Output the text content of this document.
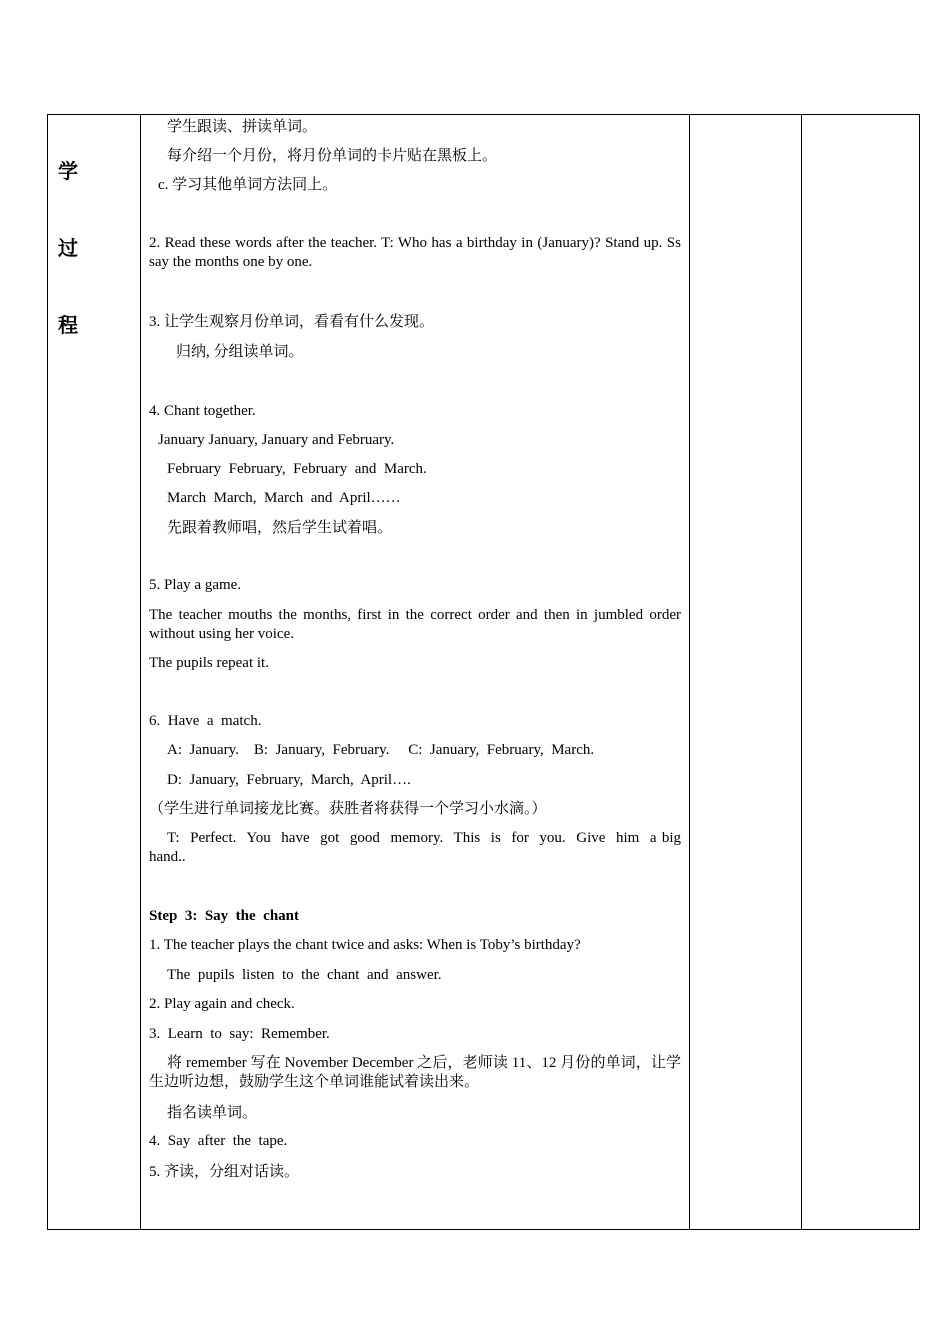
学
过
程

学生跟读、拼读单词。
每介绍一个月份，将月份单词的卡片贴在黑板上。
c. 学习其他单词方法同上。
2. Read these words after the teacher. T: Who has a birthday in (January)? Stand up. Ss say the months one by one.
3. 让学生观察月份单词，看看有什么发现。
归纳, 分组读单词。
4. Chant together.
January January, January and February.
February  February,  February  and  March.
March  March,  March  and  April……
先跟着教师唱，然后学生试着唱。
5. Play a game.
The teacher mouths the months, first in the correct order and then in jumbled order without using her voice.
The pupils repeat it.
6.  Have  a  match.
A:  January.    B:  January,  February.     C:  January,  February,  March.
D:  January,  February,  March,  April….
（学生进行单词接龙比赛。获胜者将获得一个学习小水滴。）
T:  Perfect.  You  have  got  good  memory.  This  is  for  you.  Give  him  a big  hand..
Step  3:  Say  the  chant
1. The teacher plays the chant twice and asks: When is Toby’s birthday?
The  pupils  listen  to  the  chant  and  answer.
2. Play again and check.
3.  Learn  to  say:  Remember.
将 remember 写在 November December 之后，老师读 11、12 月份的单词，让学生边听边想，鼓励学生这个单词谁能试着读出来。
指名读单词。
4.  Say  after  the  tape.
5. 齐读，分组对话读。
